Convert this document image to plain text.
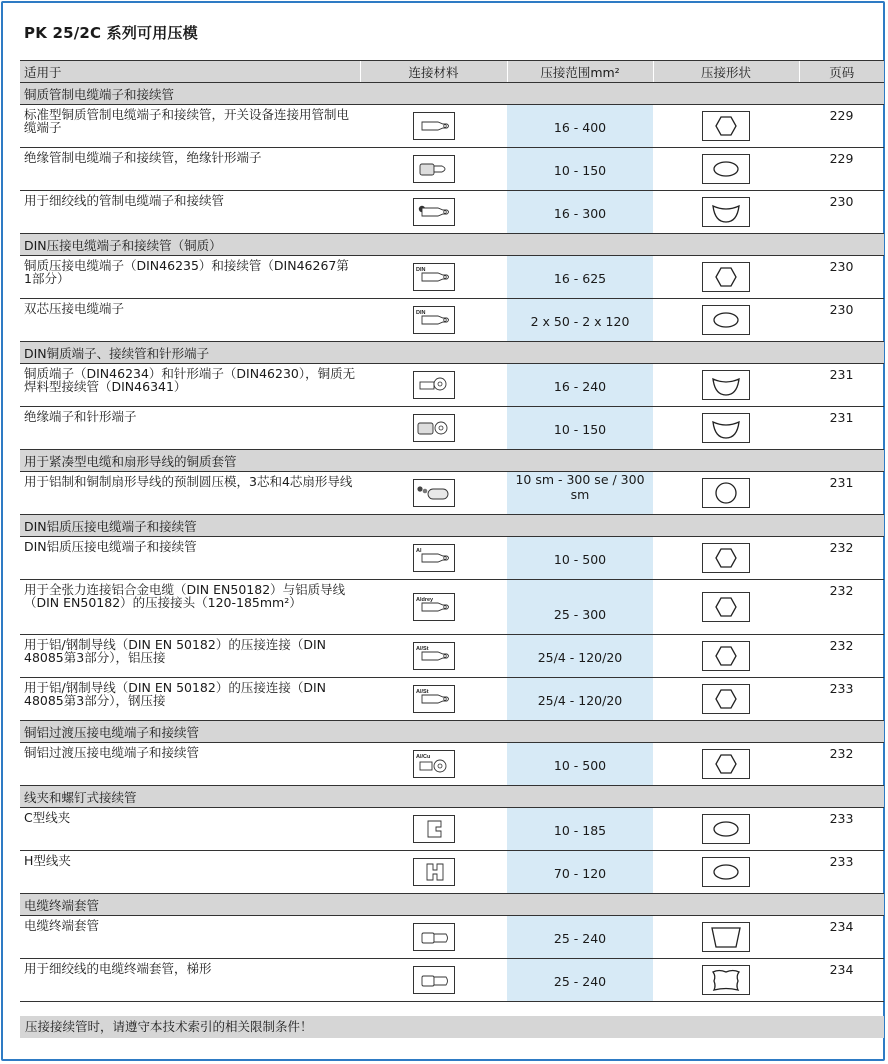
PK 25/2C 系列可用压模
适用于	连接材料	压接范围mm²	压接形状	页码
铜质管制电缆端子和接续管				
标准型铜质管制电缆端子和接续管，开关设备连接用管制电缆端子		16 - 400		229
绝缘管制电缆端子和接续管，绝缘针形端子		10 - 150		229
用于细绞线的管制电缆端子和接续管		16 - 300		230
DIN压接电缆端子和接续管（铜质）				
铜质压接电缆端子（DIN46235）和接续管（DIN46267第1部分）	DIN	16 - 625		230
双芯压接电缆端子	DIN	2 x 50 - 2 x 120		230
DIN铜质端子、接续管和针形端子				
铜质端子（DIN46234）和针形端子（DIN46230），铜质无焊料型接续管（DIN46341）		16 - 240		231
绝缘端子和针形端子		10 - 150		231
用于紧凑型电缆和扇形导线的铜质套管				
用于铝制和铜制扇形导线的预制圆压模，3芯和4芯扇形导线		10 sm - 300 se / 300 sm		231
DIN铝质压接电缆端子和接续管				
DIN铝质压接电缆端子和接续管	Al	10 - 500		232
用于全张力连接铝合金电缆（DIN EN50182）与铝质导线（DIN EN50182）的压接接头（120-185mm²）	Aldrey	25 - 300		232
用于铝/钢制导线（DIN EN 50182）的压接连接（DIN 48085第3部分），铝压接	Al/St	25/4 - 120/20		232
用于铝/钢制导线（DIN EN 50182）的压接连接（DIN 48085第3部分），钢压接	Al/St	25/4 - 120/20		233
铜铝过渡压接电缆端子和接续管				
铜铝过渡压接电缆端子和接续管	Al/Cu	10 - 500		232
线夹和螺钉式接续管				
C型线夹		10 - 185		233
H型线夹		70 - 120		233
电缆终端套管				
电缆终端套管		25 - 240		234
用于细绞线的电缆终端套管，梯形		25 - 240		234
压接接续管时，请遵守本技术索引的相关限制条件！
